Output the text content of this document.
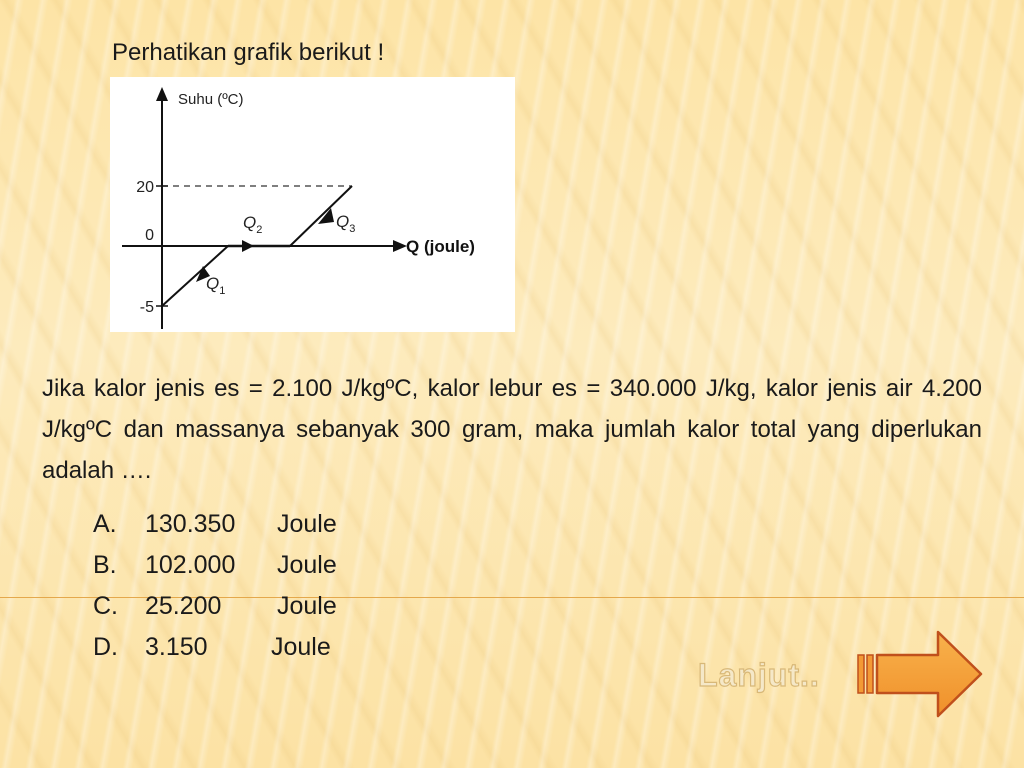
Perhatikan grafik berikut !
Suhu (ºC)
Q (joule)
20
0
-5
$Q_1$
$Q_2$	$Q_3$

Jika kalor jenis es = 2.100 J/kgºC, kalor lebur es = 340.000 J/kg, kalor jenis air 4.200 J/kgºC dan massanya sebanyak 300 gram, maka jumlah kalor total yang diperlukan adalah ….

A.	130.350	Joule
B.	102.000	Joule
C.	25.200	Joule
D.	3.150	Joule
Lanjut..
